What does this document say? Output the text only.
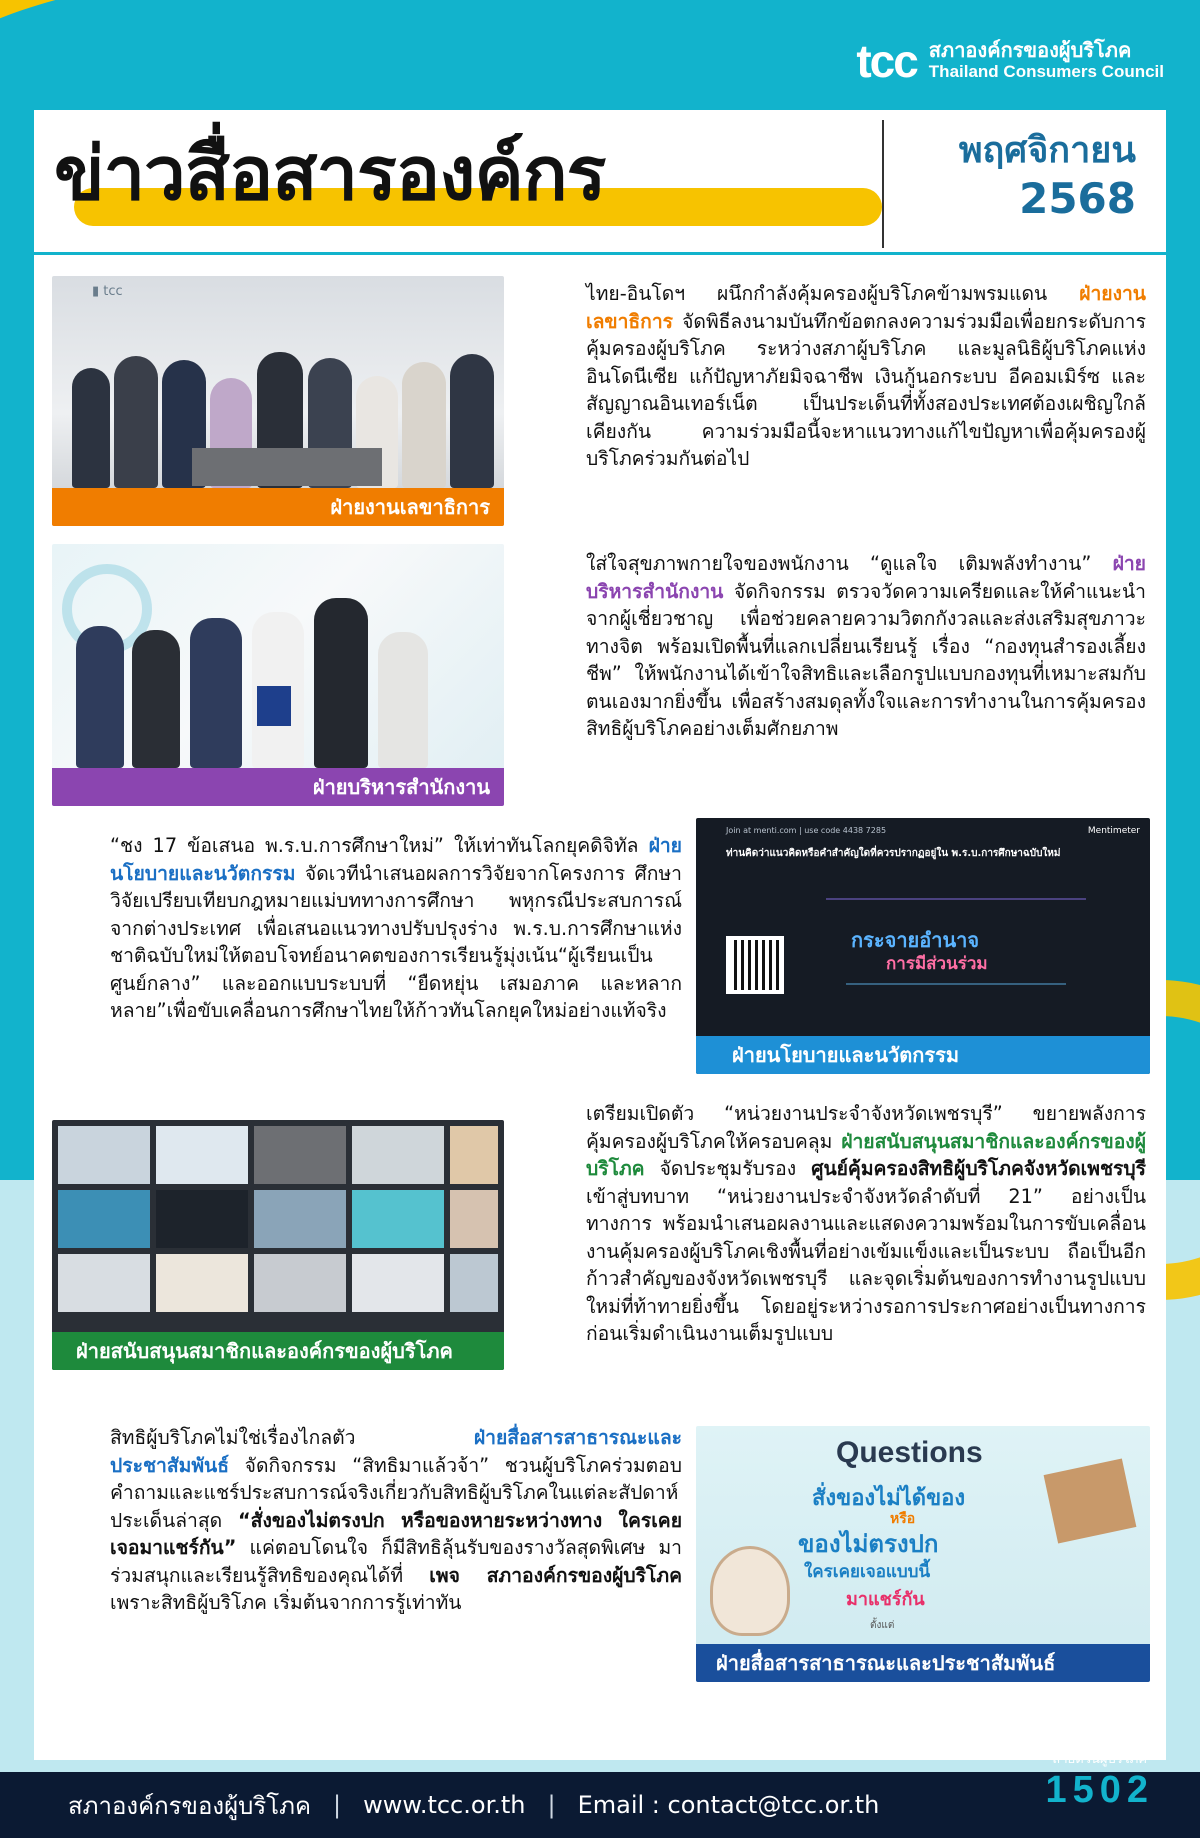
tcc สภาองค์กรของผู้บริโภค
Thailand Consumers Council
ข่าวสื่อสารองค์กร	พฤศจิกายน
2568
▮ tcc
ฝ่ายงานเลขาธิการ
ไทย-อินโดฯ ผนึกกำลังคุ้มครองผู้บริโภคข้ามพรมแดน ฝ่ายงานเลขาธิการ จัดพิธีลงนามบันทึกข้อตกลงความร่วมมือเพื่อยกระดับการคุ้มครองผู้บริโภค ระหว่างสภาผู้บริโภค และมูลนิธิผู้บริโภคแห่งอินโดนีเซีย แก้ปัญหาภัยมิจฉาชีพ เงินกู้นอกระบบ อีคอมเมิร์ซ และสัญญาณอินเทอร์เน็ต เป็นประเด็นที่ทั้งสองประเทศต้องเผชิญใกล้เคียงกัน ความร่วมมือนี้จะหาแนวทางแก้ไขปัญหาเพื่อคุ้มครองผู้บริโภคร่วมกันต่อไป
ฝ่ายบริหารสำนักงาน
ใส่ใจสุขภาพกายใจของพนักงาน “ดูแลใจ เติมพลังทำงาน” ฝ่ายบริหารสำนักงาน จัดกิจกรรม ตรวจวัดความเครียดและให้คำแนะนำจากผู้เชี่ยวชาญ เพื่อช่วยคลายความวิตกกังวลและส่งเสริมสุขภาวะทางจิต พร้อมเปิดพื้นที่แลกเปลี่ยนเรียนรู้ เรื่อง “กองทุนสำรองเลี้ยงชีพ” ให้พนักงานได้เข้าใจสิทธิและเลือกรูปแบบกองทุนที่เหมาะสมกับตนเองมากยิ่งขึ้น เพื่อสร้างสมดุลทั้งใจและการทำงานในการคุ้มครองสิทธิผู้บริโภคอย่างเต็มศักยภาพ
“ชง 17 ข้อเสนอ พ.ร.บ.การศึกษาใหม่” ให้เท่าทันโลกยุคดิจิทัล ฝ่ายนโยบายและนวัตกรรม จัดเวทีนำเสนอผลการวิจัยจากโครงการ ศึกษาวิจัยเปรียบเทียบกฎหมายแม่บททางการศึกษา พหุกรณีประสบการณ์จากต่างประเทศ เพื่อเสนอแนวทางปรับปรุงร่าง พ.ร.บ.การศึกษาแห่งชาติฉบับใหม่ให้ตอบโจทย์อนาคตของการเรียนรู้มุ่งเน้น“ผู้เรียนเป็นศูนย์กลาง” และออกแบบระบบที่ “ยืดหยุ่น เสมอภาค และหลากหลาย”เพื่อขับเคลื่อนการศึกษาไทยให้ก้าวทันโลกยุคใหม่อย่างแท้จริง
Join at menti.com | use code 4438 7285	Mentimeter
ท่านคิดว่าแนวคิดหรือคำสำคัญใดที่ควรปรากฏอยู่ใน พ.ร.บ.การศึกษาฉบับใหม่
กระจายอำนาจ
การมีส่วนร่วม
ฝ่ายนโยบายและนวัตกรรม
ฝ่ายสนับสนุนสมาชิกและองค์กรของผู้บริโภค
เตรียมเปิดตัว “หน่วยงานประจำจังหวัดเพชรบุรี” ขยายพลังการคุ้มครองผู้บริโภคให้ครอบคลุม ฝ่ายสนับสนุนสมาชิกและองค์กรของผู้บริโภค จัดประชุมรับรอง ศูนย์คุ้มครองสิทธิผู้บริโภคจังหวัดเพชรบุรี เข้าสู่บทบาท “หน่วยงานประจำจังหวัดลำดับที่ 21” อย่างเป็นทางการ พร้อมนำเสนอผลงานและแสดงความพร้อมในการขับเคลื่อนงานคุ้มครองผู้บริโภคเชิงพื้นที่อย่างเข้มแข็งและเป็นระบบ ถือเป็นอีกก้าวสำคัญของจังหวัดเพชรบุรี และจุดเริ่มต้นของการทำงานรูปแบบใหม่ที่ท้าทายยิ่งขึ้น โดยอยู่ระหว่างรอการประกาศอย่างเป็นทางการก่อนเริ่มดำเนินงานเต็มรูปแบบ
สิทธิผู้บริโภคไม่ใช่เรื่องไกลตัว ฝ่ายสื่อสารสาธารณะและประชาสัมพันธ์ จัดกิจกรรม “สิทธิมาแล้วจ้า” ชวนผู้บริโภคร่วมตอบคำถามและแชร์ประสบการณ์จริงเกี่ยวกับสิทธิผู้บริโภคในแต่ละสัปดาห์ ประเด็นล่าสุด “สั่งของไม่ตรงปก หรือของหายระหว่างทาง ใครเคยเจอมาแชร์กัน” แค่ตอบโดนใจ ก็มีสิทธิลุ้นรับของรางวัลสุดพิเศษ มาร่วมสนุกและเรียนรู้สิทธิของคุณได้ที่ เพจ สภาองค์กรของผู้บริโภค เพราะสิทธิผู้บริโภค เริ่มต้นจากการรู้เท่าทัน
Questions
สั่งของไม่ได้ของ
หรือ
ของไม่ตรงปก
ใครเคยเจอแบบนี้
มาแชร์กัน
ตั้งแต่
ฝ่ายสื่อสารสาธารณะและประชาสัมพันธ์
สภาองค์กรของผู้บริโภค | www.tcc.or.th | Email : contact@tcc.or.th
สายด่วนผู้บริโภค
1502
